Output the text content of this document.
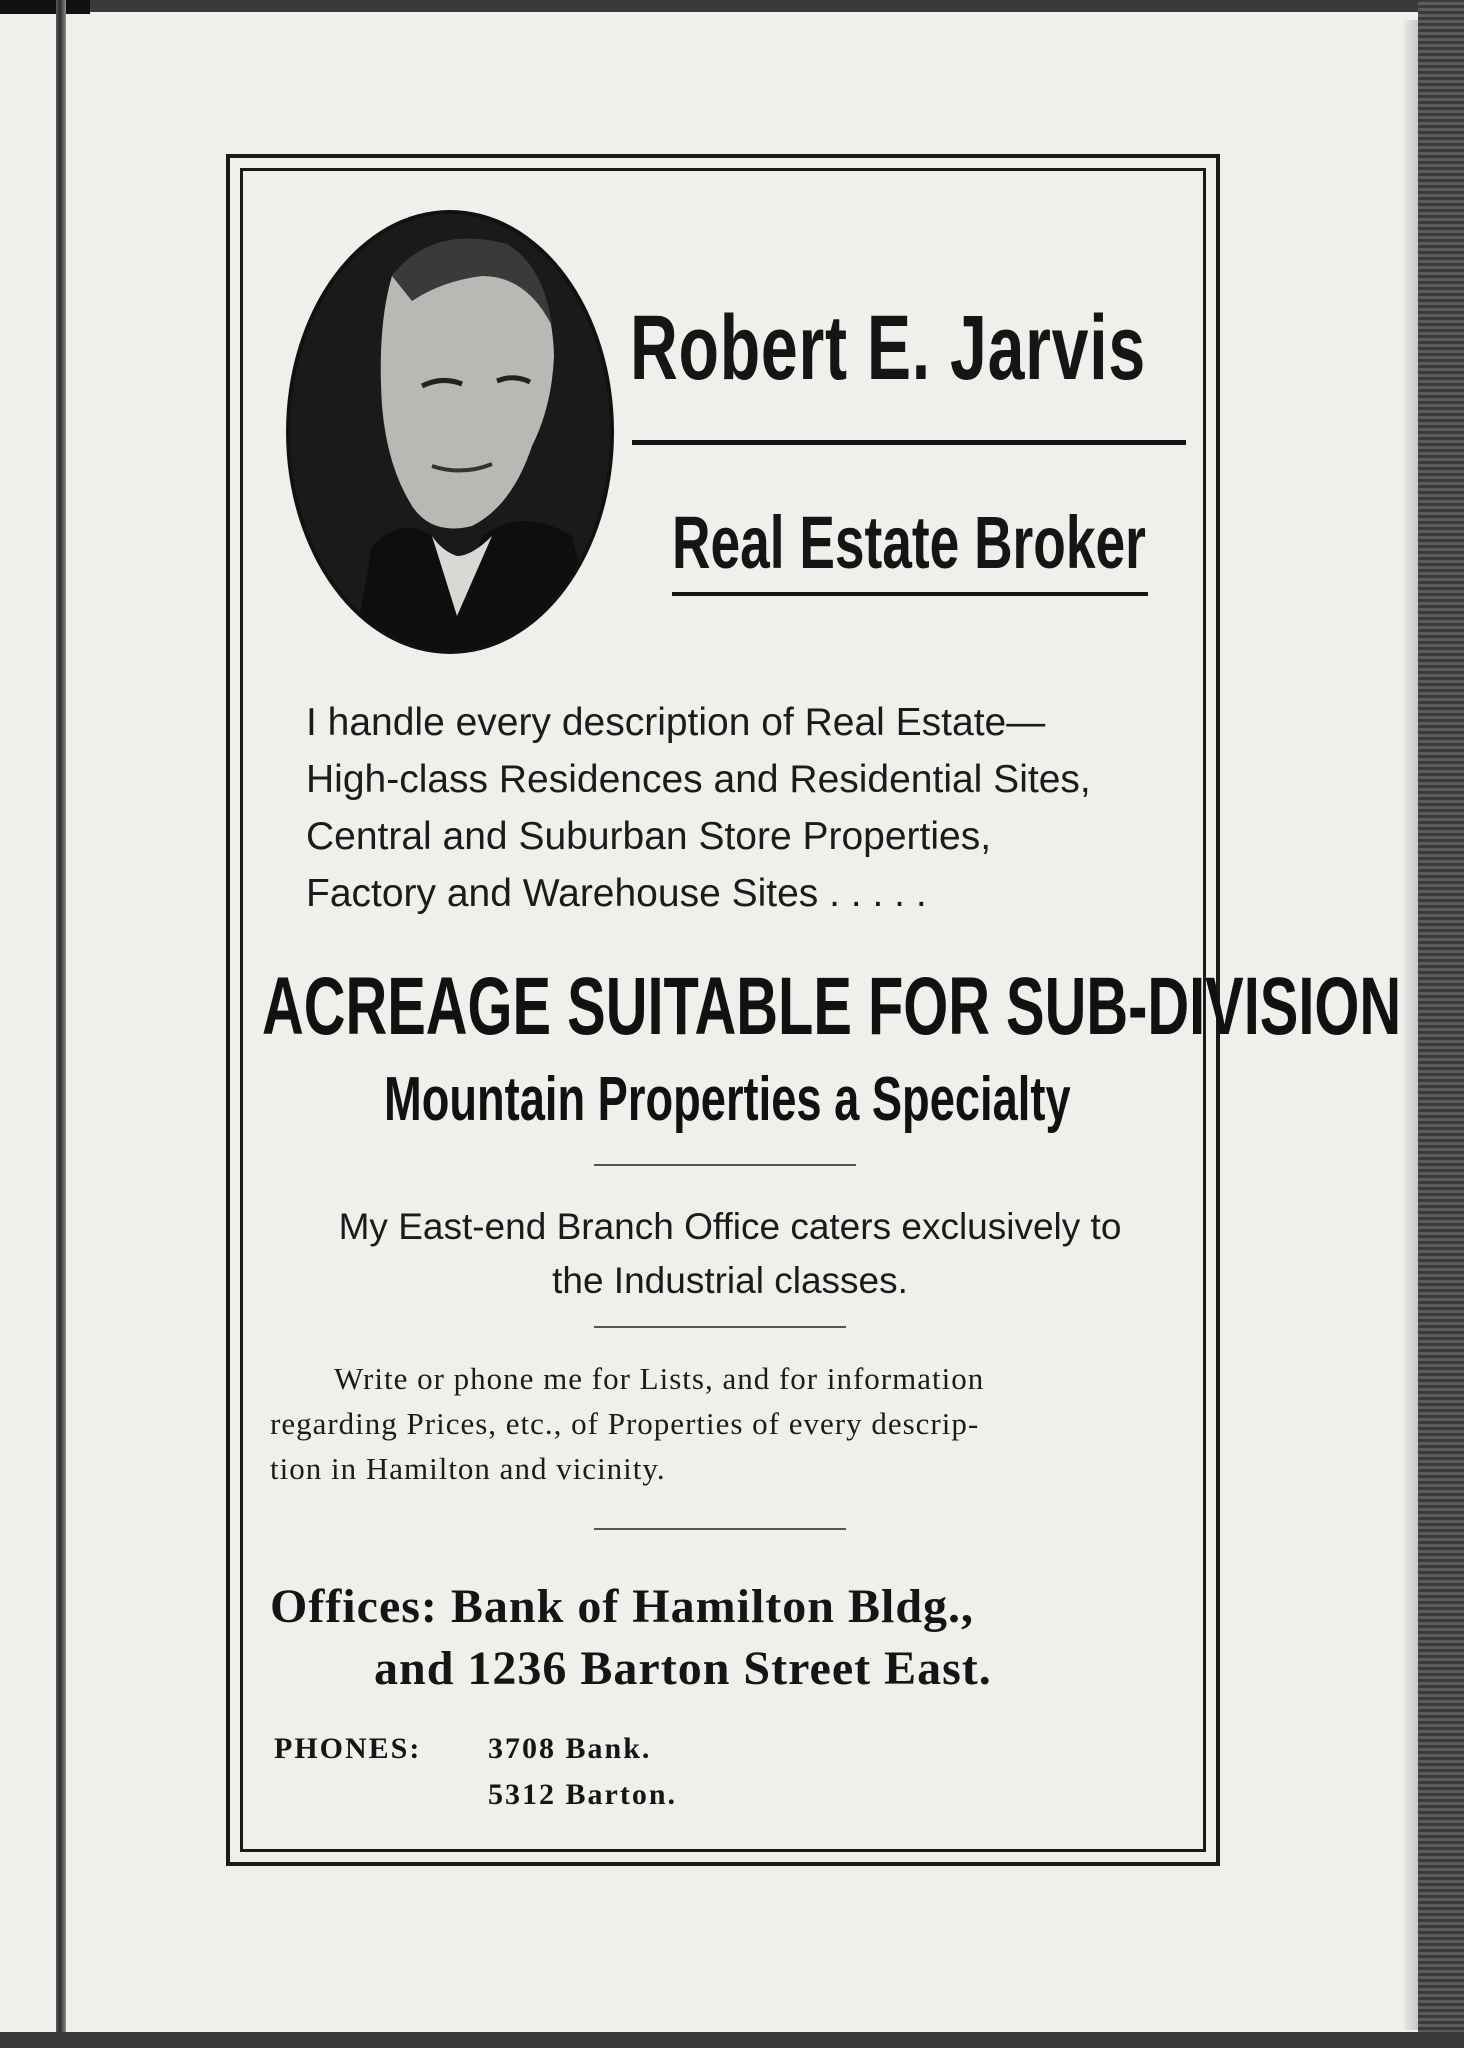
Robert E. Jarvis
Real Estate Broker
I handle every description of Real Estate—
High-class Residences and Residential Sites,
Central and Suburban Store Properties,
Factory and Warehouse Sites . . . . .
ACREAGE SUITABLE FOR SUB-DIVISION
Mountain Properties a Specialty
My East-end Branch Office caters exclusively to
the Industrial classes.
Write or phone me for Lists, and for information
regarding Prices, etc., of Properties of every descrip-
tion in Hamilton and vicinity.
Offices: Bank of Hamilton Bldg.,
and 1236 Barton Street East.
PHONES:	3708 Bank.
5312 Barton.
